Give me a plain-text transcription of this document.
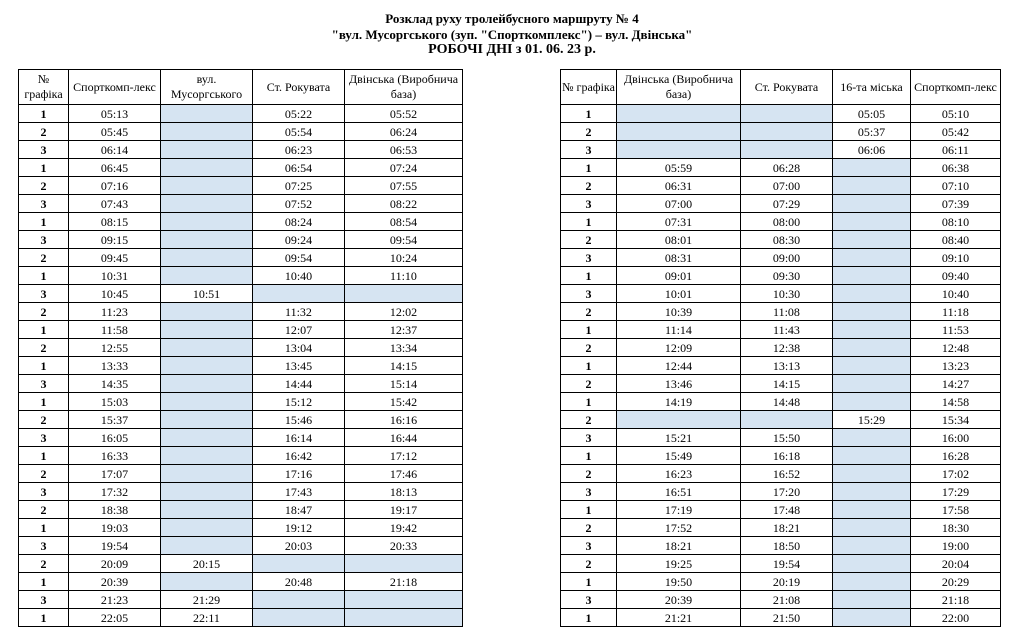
Розклад руху тролейбусного маршруту № 4
"вул. Мусоргського (зуп. "Спорткомплекс") – вул. Двінська"
РОБОЧІ ДНІ з 01. 06. 23 р.
№ графіка	Спорткомп-лекс	вул. Мусоргського	Ст. Рокувата	Двінська (Виробнича база)
1	05:13		05:22	05:52
2	05:45		05:54	06:24
3	06:14		06:23	06:53
1	06:45		06:54	07:24
2	07:16		07:25	07:55
3	07:43		07:52	08:22
1	08:15		08:24	08:54
3	09:15		09:24	09:54
2	09:45		09:54	10:24
1	10:31		10:40	11:10
3	10:45	10:51		
2	11:23		11:32	12:02
1	11:58		12:07	12:37
2	12:55		13:04	13:34
1	13:33		13:45	14:15
3	14:35		14:44	15:14
1	15:03		15:12	15:42
2	15:37		15:46	16:16
3	16:05		16:14	16:44
1	16:33		16:42	17:12
2	17:07		17:16	17:46
3	17:32		17:43	18:13
2	18:38		18:47	19:17
1	19:03		19:12	19:42
3	19:54		20:03	20:33
2	20:09	20:15		
1	20:39		20:48	21:18
3	21:23	21:29		
1	22:05	22:11		
№ графіка	Двінська (Виробнича база)	Ст. Рокувата	16-та міська	Спорткомп-лекс
1			05:05	05:10
2			05:37	05:42
3			06:06	06:11
1	05:59	06:28		06:38
2	06:31	07:00		07:10
3	07:00	07:29		07:39
1	07:31	08:00		08:10
2	08:01	08:30		08:40
3	08:31	09:00		09:10
1	09:01	09:30		09:40
3	10:01	10:30		10:40
2	10:39	11:08		11:18
1	11:14	11:43		11:53
2	12:09	12:38		12:48
1	12:44	13:13		13:23
2	13:46	14:15		14:27
1	14:19	14:48		14:58
2			15:29	15:34
3	15:21	15:50		16:00
1	15:49	16:18		16:28
2	16:23	16:52		17:02
3	16:51	17:20		17:29
1	17:19	17:48		17:58
2	17:52	18:21		18:30
3	18:21	18:50		19:00
2	19:25	19:54		20:04
1	19:50	20:19		20:29
3	20:39	21:08		21:18
1	21:21	21:50		22:00
